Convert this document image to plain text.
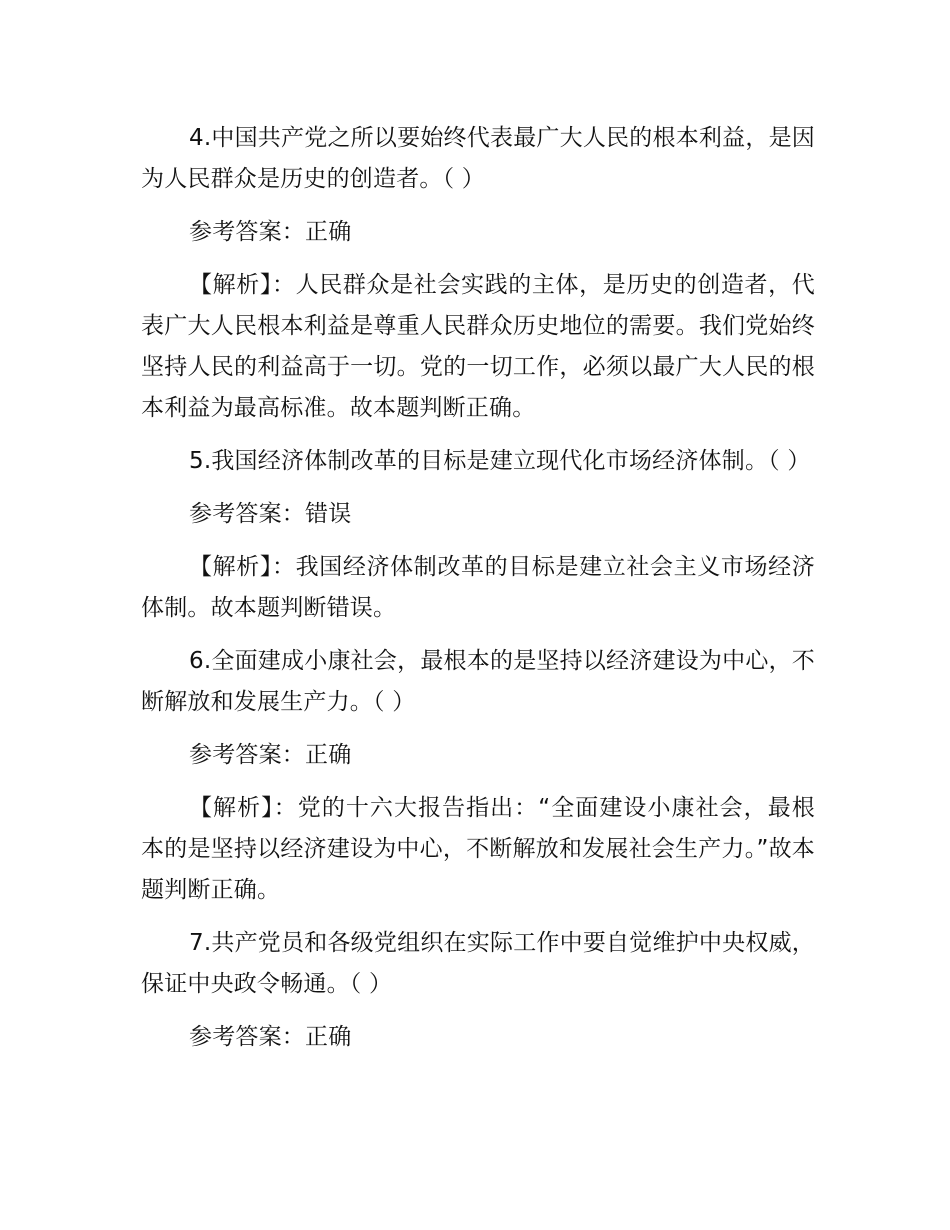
4.中国共产党之所以要始终代表最广大人民的根本利益，是因为人民群众是历史的创造者。（ ）

参考答案：正确

【解析】：人民群众是社会实践的主体，是历史的创造者，代表广大人民根本利益是尊重人民群众历史地位的需要。我们党始终坚持人民的利益高于一切。党的一切工作，必须以最广大人民的根本利益为最高标准。故本题判断正确。

5.我国经济体制改革的目标是建立现代化市场经济体制。（ ）

参考答案：错误

【解析】：我国经济体制改革的目标是建立社会主义市场经济体制。故本题判断错误。

6.全面建成小康社会，最根本的是坚持以经济建设为中心，不断解放和发展生产力。（ ）

参考答案：正确

【解析】：党的十六大报告指出：“全面建设小康社会，最根本的是坚持以经济建设为中心，不断解放和发展社会生产力。”故本题判断正确。

7.共产党员和各级党组织在实际工作中要自觉维护中央权威，保证中央政令畅通。（ ）

参考答案：正确
